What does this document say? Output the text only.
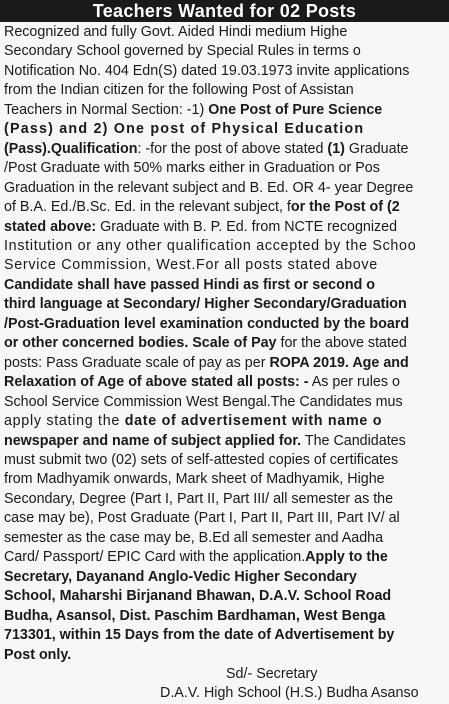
Teachers Wanted for 02 Posts
Recognized and fully Govt. Aided Hindi medium Highe
Secondary School governed by Special Rules in terms o
Notification No. 404 Edn(S) dated 19.03.1973 invite applications
from the Indian citizen for the following Post of Assistan
Teachers in Normal Section: -1) One Post of Pure Science
(Pass) and 2) One post of Physical Education
(Pass).Qualification: -for the post of above stated (1) Graduate
/Post Graduate with 50% marks either in Graduation or Pos
Graduation in the relevant subject and B. Ed. OR 4- year Degree
of B.A. Ed./B.Sc. Ed. in the relevant subject, for the Post of (2
stated above: Graduate with B. P. Ed. from NCTE recognized
Institution or any other qualification accepted by the Schoo
Service Commission, West.For all posts stated above
Candidate shall have passed Hindi as first or second o
third language at Secondary/ Higher Secondary/Graduation
/Post-Graduation level examination conducted by the board
or other concerned bodies. Scale of Pay for the above stated
posts: Pass Graduate scale of pay as per ROPA 2019. Age and
Relaxation of Age of above stated all posts: - As per rules o
School Service Commission West Bengal.The Candidates mus
apply stating the date of advertisement with name o
newspaper and name of subject applied for. The Candidates
must submit two (02) sets of self-attested copies of certificates
from Madhyamik onwards, Mark sheet of Madhyamik, Highe
Secondary, Degree (Part I, Part II, Part III/ all semester as the
case may be), Post Graduate (Part I, Part II, Part III, Part IV/ al
semester as the case may be, B.Ed all semester and Aadha
Card/ Passport/ EPIC Card with the application.Apply to the
Secretary, Dayanand Anglo-Vedic Higher Secondary
School, Maharshi Birjanand Bhawan, D.A.V. School Road
Budha, Asansol, Dist. Paschim Bardhaman, West Benga
713301, within 15 Days from the date of Advertisement by
Post only.
Sd/- Secretary
D.A.V. High School (H.S.) Budha Asanso
